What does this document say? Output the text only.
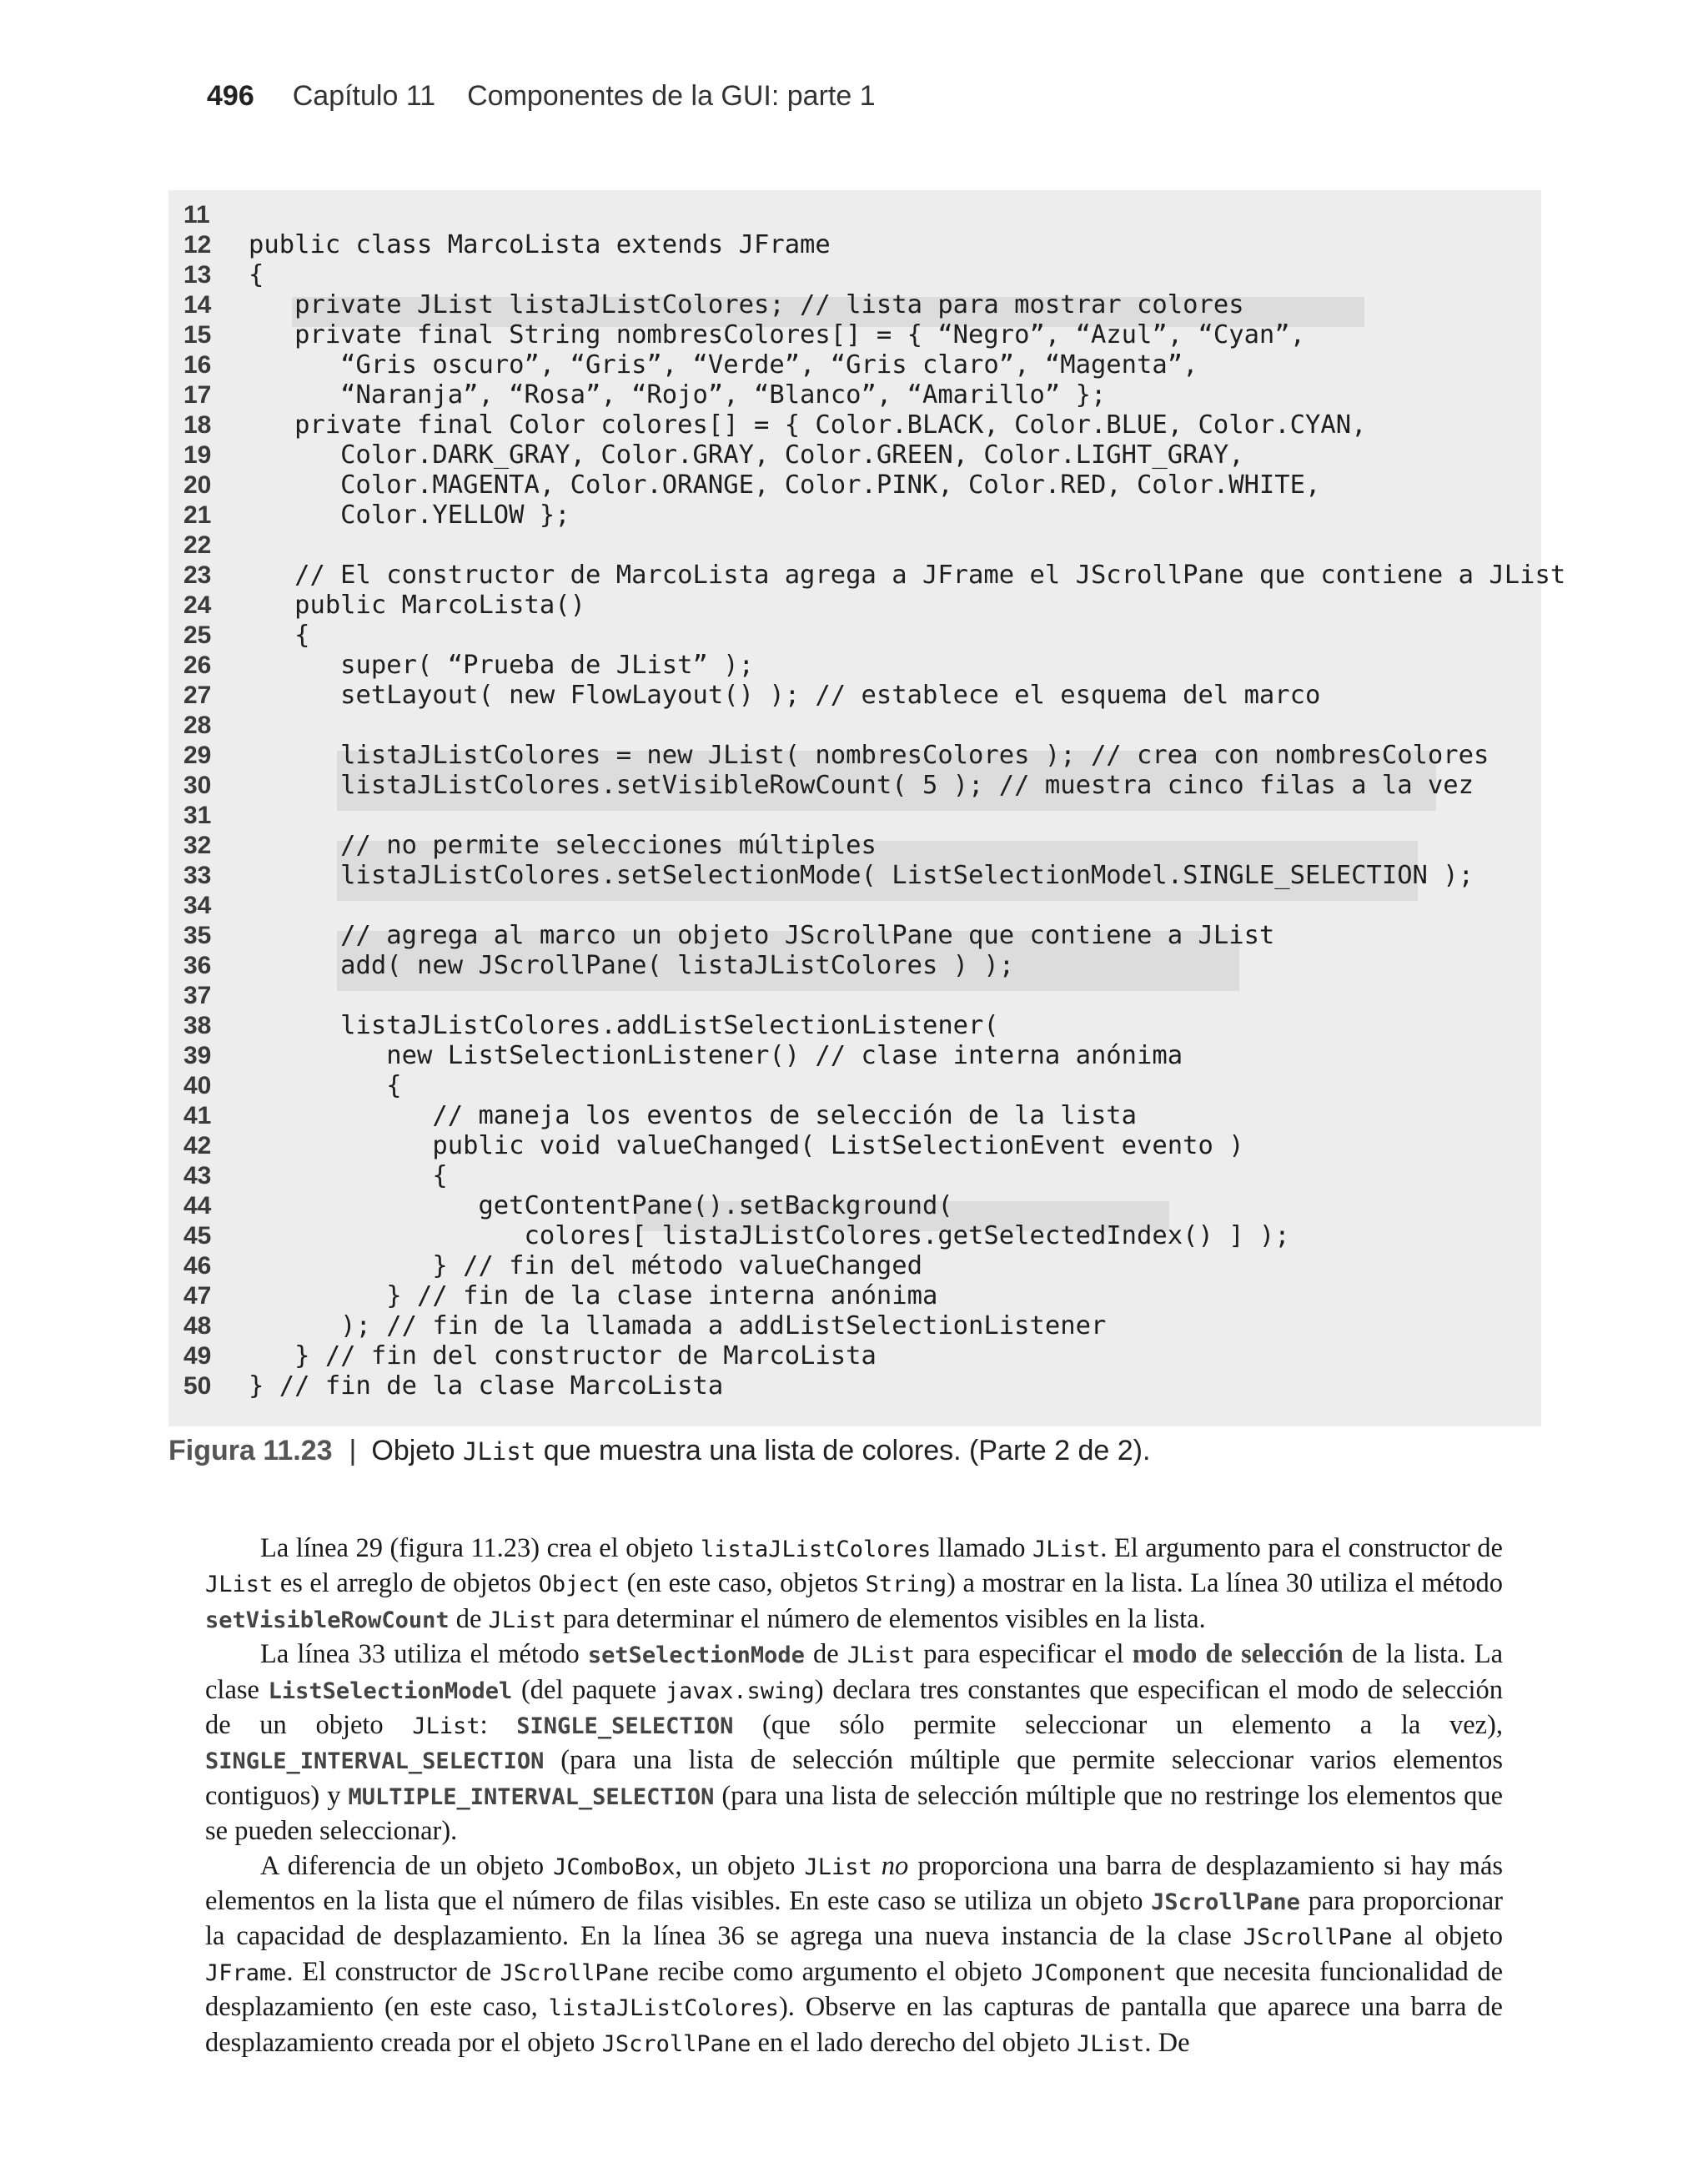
496 Capítulo 11 Componentes de la GUI: parte 1
11
12	public class MarcoLista extends JFrame
13	{
14	private JList listaJListColores; // lista para mostrar colores
15	private final String nombresColores[] = { “Negro”, “Azul”, “Cyan”,
16	“Gris oscuro”, “Gris”, “Verde”, “Gris claro”, “Magenta”,
17	“Naranja”, “Rosa”, “Rojo”, “Blanco”, “Amarillo” };
18	private final Color colores[] = { Color.BLACK, Color.BLUE, Color.CYAN,
19	Color.DARK_GRAY, Color.GRAY, Color.GREEN, Color.LIGHT_GRAY,
20	Color.MAGENTA, Color.ORANGE, Color.PINK, Color.RED, Color.WHITE,
21	Color.YELLOW };
22
23	// El constructor de MarcoLista agrega a JFrame el JScrollPane que contiene a JList
24	public MarcoLista()
25	{
26	super( “Prueba de JList” );
27	setLayout( new FlowLayout() ); // establece el esquema del marco
28
29	listaJListColores = new JList( nombresColores ); // crea con nombresColores
30	listaJListColores.setVisibleRowCount( 5 ); // muestra cinco filas a la vez
31
32	// no permite selecciones múltiples
33	listaJListColores.setSelectionMode( ListSelectionModel.SINGLE_SELECTION );
34
35	// agrega al marco un objeto JScrollPane que contiene a JList
36	add( new JScrollPane( listaJListColores ) );
37
38	listaJListColores.addListSelectionListener(
39	new ListSelectionListener() // clase interna anónima
40	{
41	// maneja los eventos de selección de la lista
42	public void valueChanged( ListSelectionEvent evento )
43	{
44	getContentPane().setBackground(
45	colores[ listaJListColores.getSelectedIndex() ] );
46	} // fin del método valueChanged
47	} // fin de la clase interna anónima
48	); // fin de la llamada a addListSelectionListener
49	} // fin del constructor de MarcoLista
50	} // fin de la clase MarcoLista
Figura 11.23 | Objeto JList que muestra una lista de colores. (Parte 2 de 2).

La línea 29 (figura 11.23) crea el objeto listaJListColores llamado JList. El argumento para el constructor de JList es el arreglo de objetos Object (en este caso, objetos String) a mostrar en la lista. La línea 30 utiliza el método setVisibleRowCount de JList para determinar el número de elementos visibles en la lista.

La línea 33 utiliza el método setSelectionMode de JList para especificar el modo de selección de la lista. La clase ListSelectionModel (del paquete javax.swing) declara tres constantes que especifican el modo de selección de un objeto JList: SINGLE_SELECTION (que sólo permite seleccionar un elemento a la vez), SINGLE_INTERVAL_SELECTION (para una lista de selección múltiple que permite seleccionar varios elementos contiguos) y MULTIPLE_INTERVAL_SELECTION (para una lista de selección múltiple que no restringe los elementos que se pueden seleccionar).

A diferencia de un objeto JComboBox, un objeto JList no proporciona una barra de desplazamiento si hay más elementos en la lista que el número de filas visibles. En este caso se utiliza un objeto JScrollPane para proporcionar la capacidad de desplazamiento. En la línea 36 se agrega una nueva instancia de la clase JScrollPane al objeto JFrame. El constructor de JScrollPane recibe como argumento el objeto JComponent que necesita funcionalidad de desplazamiento (en este caso, listaJListColores). Observe en las capturas de pantalla que aparece una barra de desplazamiento creada por el objeto JScrollPane en el lado derecho del objeto JList. De
